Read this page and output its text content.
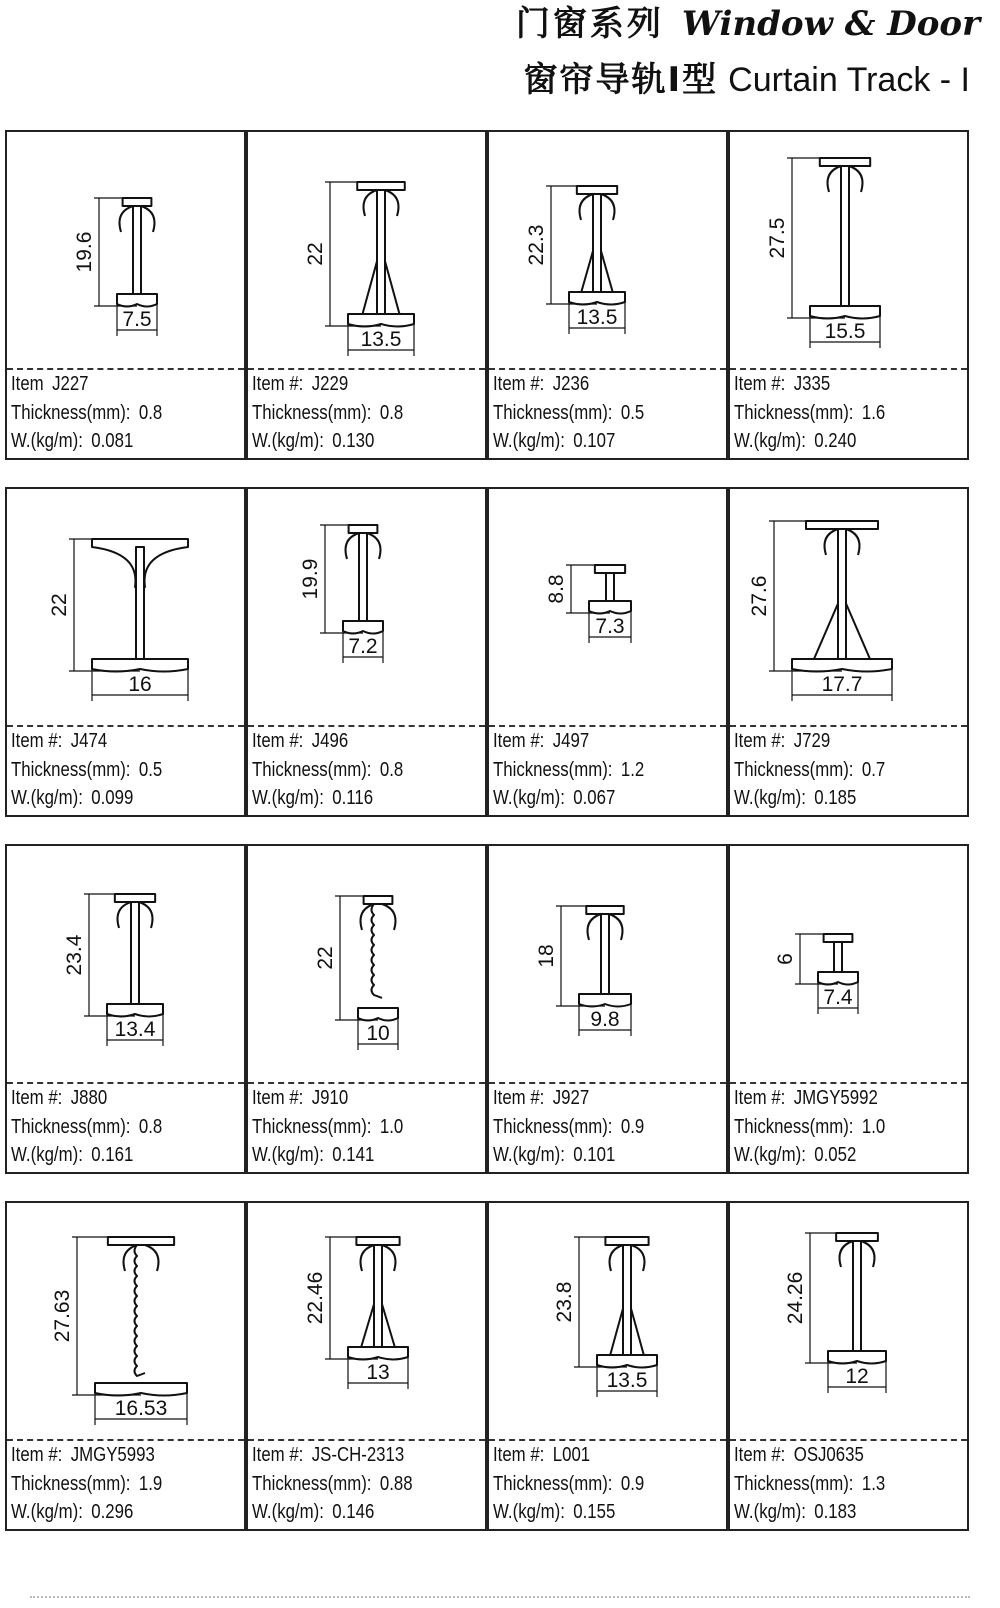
门窗系列 Window & Door
窗帘导轨I型 Curtain Track - I
19.6
7.5
Item J227
Thickness(mm): 0.8
W.(kg/m): 0.081
22
13.5
Item #: J229
Thickness(mm): 0.8
W.(kg/m): 0.130
22.3
13.5
Item #: J236
Thickness(mm): 0.5
W.(kg/m): 0.107
27.5
15.5
Item #: J335
Thickness(mm): 1.6
W.(kg/m): 0.240
22
16
Item #: J474
Thickness(mm): 0.5
W.(kg/m): 0.099
19.9
7.2
Item #: J496
Thickness(mm): 0.8
W.(kg/m): 0.116
8.8
7.3
Item #: J497
Thickness(mm): 1.2
W.(kg/m): 0.067
27.6
17.7
Item #: J729
Thickness(mm): 0.7
W.(kg/m): 0.185
23.4
13.4
Item #: J880
Thickness(mm): 0.8
W.(kg/m): 0.161
22
10
Item #: J910
Thickness(mm): 1.0
W.(kg/m): 0.141
18
9.8
Item #: J927
Thickness(mm): 0.9
W.(kg/m): 0.101
6
7.4
Item #: JMGY5992
Thickness(mm): 1.0
W.(kg/m): 0.052
27.63
16.53
Item #: JMGY5993
Thickness(mm): 1.9
W.(kg/m): 0.296
22.46
13
Item #: JS-CH-2313
Thickness(mm): 0.88
W.(kg/m): 0.146
23.8
13.5
Item #: L001
Thickness(mm): 0.9
W.(kg/m): 0.155
24.26
12
Item #: OSJ0635
Thickness(mm): 1.3
W.(kg/m): 0.183
